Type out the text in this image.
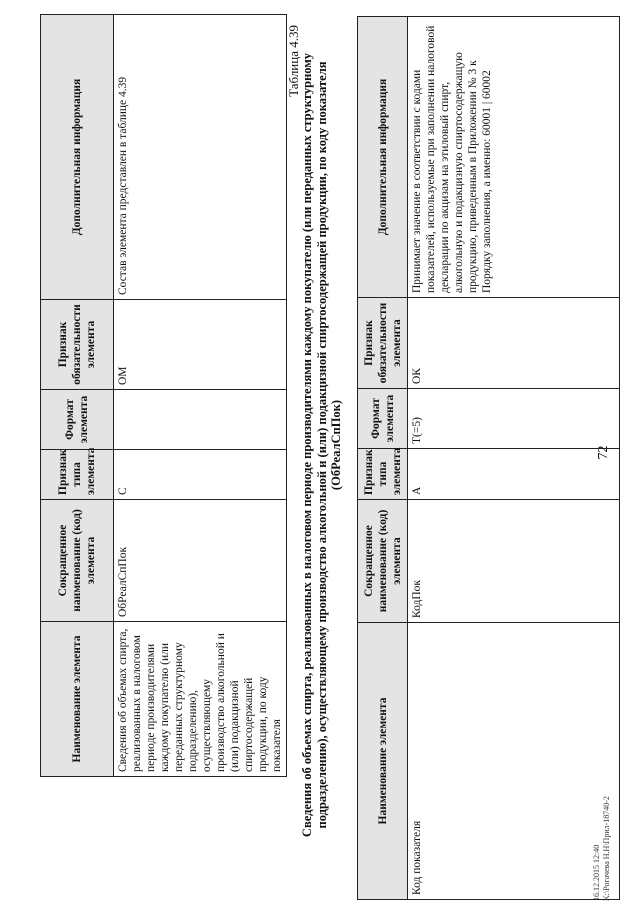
72
16.12.2015 12:40 K:\Рогачева Н.Н\Прил-18740-2
Наименование элемента	Сокращенное наименование (код) элемента	Признак типа элемента	Формат элемента	Признак обязательности элемента	Дополнительная информация
Сведения об объемах спирта, реализованных в налоговом периоде производителями каждому покупателю (или переданных структурному подразделению), осуществляющему производство алкогольной и (или) подакцизной спиртосодержащей продукции, по коду показателя	ОбРеалСпПок	С		ОМ	Состав элемента представлен в таблице 4.39
Таблица 4.39 Сведения об объемах спирта, реализованных в налоговом периоде производителями каждому покупателю (или переданных структурному подразделению), осуществляющему производство алкогольной и (или) подакцизной спиртосодержащей продукции, по коду показателя (ОбРеалСпПок)
Наименование элемента	Сокращенное наименование (код) элемента	Признак типа элемента	Формат элемента	Признак обязательности элемента	Дополнительная информация
Код показателя	КодПок	А	T(=5)	ОК	Принимает значение в соответствии с кодами показателей, используемые при заполнении налоговой декларации по акцизам на этиловый спирт, алкогольную и подакцизную спиртосодержащую продукцию, приведенным в Приложении № 3 к Порядку заполнения, а именно: 60001 | 60002
